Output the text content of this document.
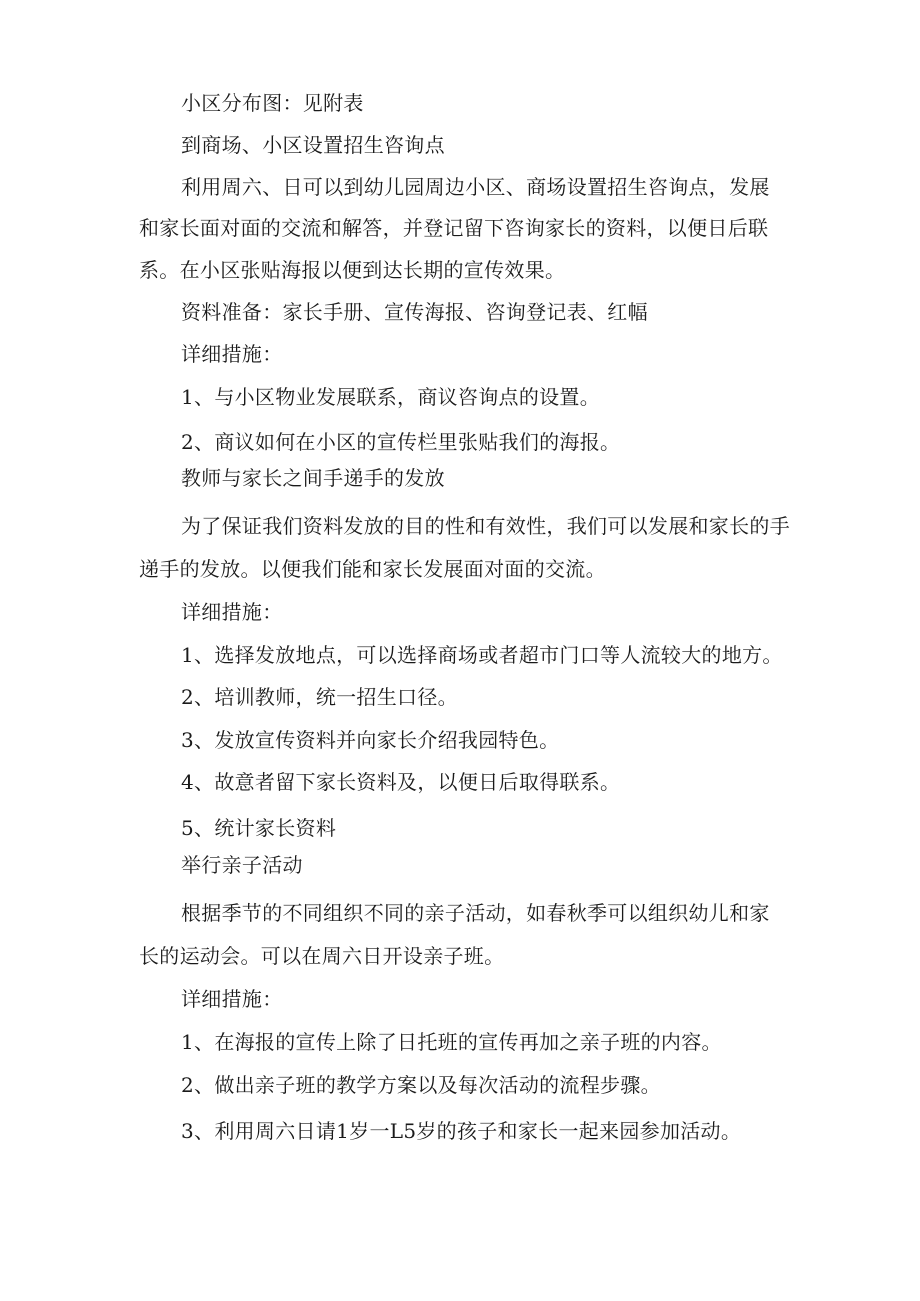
小区分布图：见附表
到商场、小区设置招生咨询点
利用周六、日可以到幼儿园周边小区、商场设置招生咨询点，发展
和家长面对面的交流和解答，并登记留下咨询家长的资料，以便日后联
系。在小区张贴海报以便到达长期的宣传效果。
资料准备：家长手册、宣传海报、咨询登记表、红幅
详细措施：
1、与小区物业发展联系，商议咨询点的设置。
2、商议如何在小区的宣传栏里张贴我们的海报。
教师与家长之间手递手的发放
为了保证我们资料发放的目的性和有效性，我们可以发展和家长的手
递手的发放。以便我们能和家长发展面对面的交流。
详细措施：
1、选择发放地点，可以选择商场或者超市门口等人流较大的地方。
2、培训教师，统一招生口径。
3、发放宣传资料并向家长介绍我园特色。
4、故意者留下家长资料及，以便日后取得联系。
5、统计家长资料
举行亲子活动
根据季节的不同组织不同的亲子活动，如春秋季可以组织幼儿和家
长的运动会。可以在周六日开设亲子班。
详细措施：
1、在海报的宣传上除了日托班的宣传再加之亲子班的内容。
2、做出亲子班的教学方案以及每次活动的流程步骤。
3、利用周六日请1岁一L5岁的孩子和家长一起来园参加活动。
